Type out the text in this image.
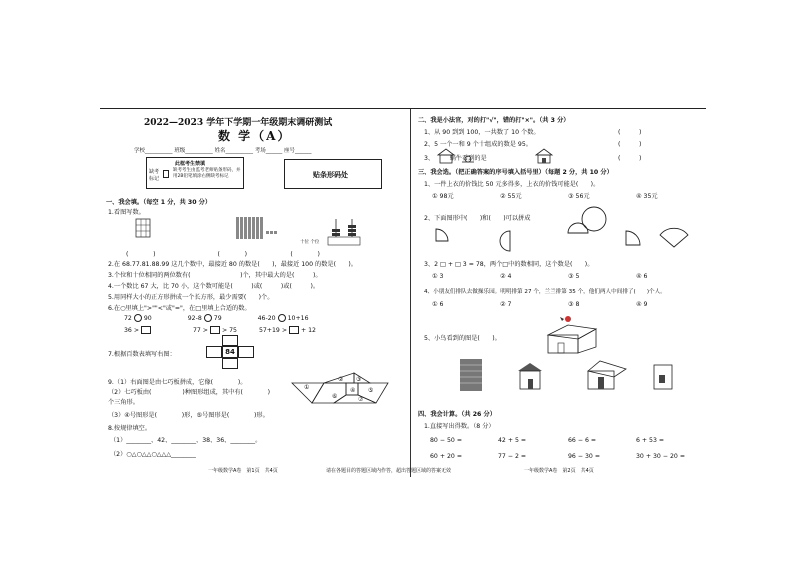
2022—2023 学年下学期一年级期末调研测试
数 学（A）
学校__________ 班级__________ 姓名__________ 考场______ 座号______
此框考生禁填
缺考标记
缺考考生由监考老师贴条形码，并用2B铅笔填涂右侧缺考标记	贴条形码处
一、我会填。（每空 1 分，共 30 分）
1.看图写数。
十位 个位
(　　　　)　　　　　　　　　　(　　　　)　　　　　　　(　　　　)
2.在 68.77.81.88.99 这几个数中，最接近 80 的数是(　　)，最接近 100 的数是(　　)。
3.个位和十位相同的两位数有(　　　　　　　　)个，其中最大的是(　　　)。
4.一个数比 67 大，比 70 小，这个数可能是(　　　)或(　　　)或(　　　)。
5.用同样大小的正方形拼成一个长方形，最少需要(　　)个。
6.在○里填上">""<"或"="，在□里填上合适的数。
72 90	92-8 79	46-20 10+16
36 >	77 > > 75	57+19 > + 12
7.根据百数表填写右图：	84
9.（1）右面图是由七巧板拼成，它像(　　　　)。
（2）七巧板由(　　　　　)种图形组成，其中有(　　　　)个三角形。
（3）④号图形是(　　　　)形，⑤号图形是(　　　　)形。
①
② ③
④ ⑤
⑥	⑦
8.按规律填空。
（1）________、42、________、38、36、________。
（2）○△○△△○△△△________
一年级数学A卷　第1页　共4页	请在各题目的答题区域内作答，超出答题区域的答案无效
二、我是小法官，对的打"√"，错的打"×"。（共 3 分）
1、从 90 到到 100，一共数了 10 个数。	(　　　)
2、5 一个一和 9 个十组成的数是 95。	(　　　)
3、　　　蜗牛看到的是	(　　　)
三、我会选。（把正确答案的序号填入括号里）（每题 2 分，共 10 分）
1、一件上衣的价钱比 50 元多得多，上衣的价钱可能是(　　)。
① 98元	② 55元	③ 56元	④ 35元
2、下面图形中(　　)和(　　)可以拼成
3、2 □ + □ 3 = 78，两个□中的数相同，这个数是(　　)。
① 3	② 4	③ 5	④ 6
4、小朋友们排队去做操乐园。明明排第 27 个，兰兰排第 35 个，他们两人中间排了(　　)个人。
① 6	② 7	③ 8	④ 9
5、小鸟看到的图是(　　)。
四、我会计算。（共 26 分）
1.直接写出得数。（8 分）
80 − 50 =	42 + 5 =	66 − 6 =	6 + 53 =
60 + 20 =	77 − 2 =	96 − 30 =	30 + 30 − 20 =
一年级数学A卷　第2页　共4页
